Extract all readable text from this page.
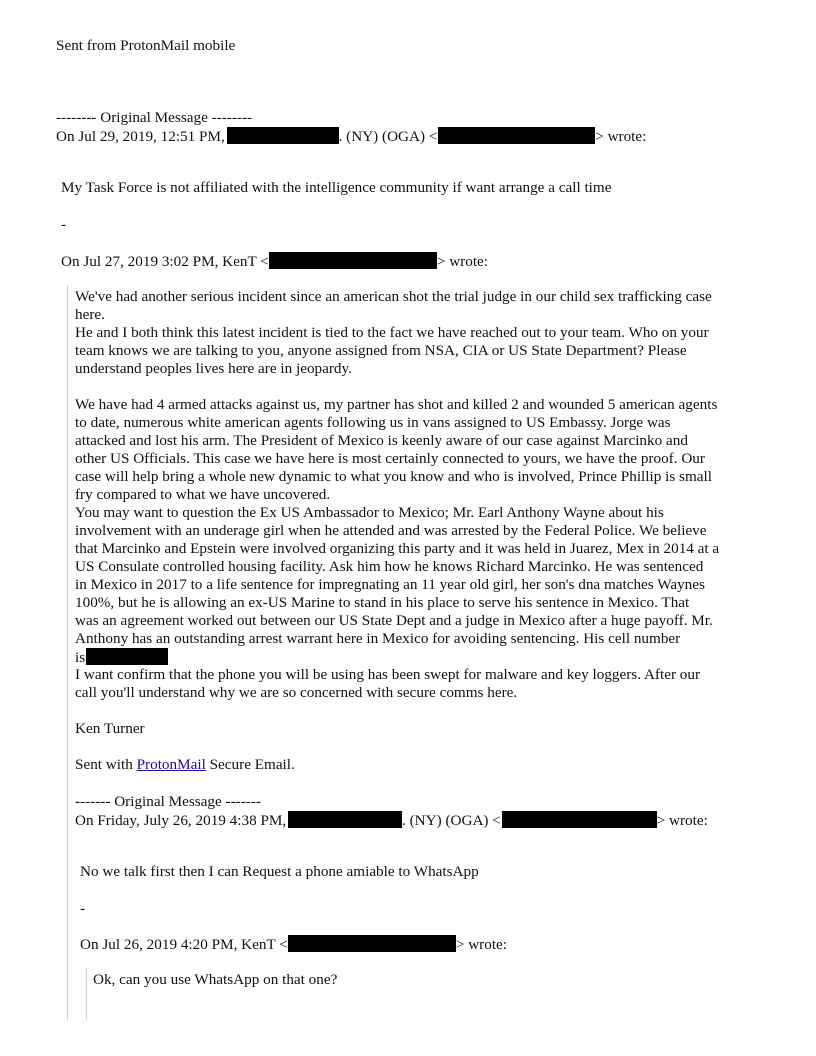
Sent from ProtonMail mobile
-------- Original Message --------
On Jul 29, 2019, 12:51 PM,	. (NY) (OGA) <	> wrote:
My Task Force is not affiliated with the intelligence community if want arrange a call time
-
On Jul 27, 2019 3:02 PM, KenT <	> wrote:
We've had another serious incident since an american shot the trial judge in our child sex trafficking case
here.
He and I both think this latest incident is tied to the fact we have reached out to your team. Who on your
team knows we are talking to you, anyone assigned from NSA, CIA or US State Department? Please
understand peoples lives here are in jeopardy.
We have had 4 armed attacks against us, my partner has shot and killed 2 and wounded 5 american agents
to date, numerous white american agents following us in vans assigned to US Embassy. Jorge was
attacked and lost his arm. The President of Mexico is keenly aware of our case against Marcinko and
other US Officials. This case we have here is most certainly connected to yours, we have the proof. Our
case will help bring a whole new dynamic to what you know and who is involved, Prince Phillip is small
fry compared to what we have uncovered.
You may want to question the Ex US Ambassador to Mexico; Mr. Earl Anthony Wayne about his
involvement with an underage girl when he attended and was arrested by the Federal Police. We believe
that Marcinko and Epstein were involved organizing this party and it was held in Juarez, Mex in 2014 at a
US Consulate controlled housing facility. Ask him how he knows Richard Marcinko. He was sentenced
in Mexico in 2017 to a life sentence for impregnating an 11 year old girl, her son's dna matches Waynes
100%, but he is allowing an ex-US Marine to stand in his place to serve his sentence in Mexico. That
was an agreement worked out between our US State Dept and a judge in Mexico after a huge payoff. Mr.
Anthony has an outstanding arrest warrant here in Mexico for avoiding sentencing. His cell number
is
I want confirm that the phone you will be using has been swept for malware and key loggers. After our
call you'll understand why we are so concerned with secure comms here.
Ken Turner
Sent with ProtonMail Secure Email.
------- Original Message -------
On Friday, July 26, 2019 4:38 PM,	. (NY) (OGA) <	> wrote:
No we talk first then I can Request a phone amiable to WhatsApp
-
On Jul 26, 2019 4:20 PM, KenT <	> wrote:
Ok, can you use WhatsApp on that one?
